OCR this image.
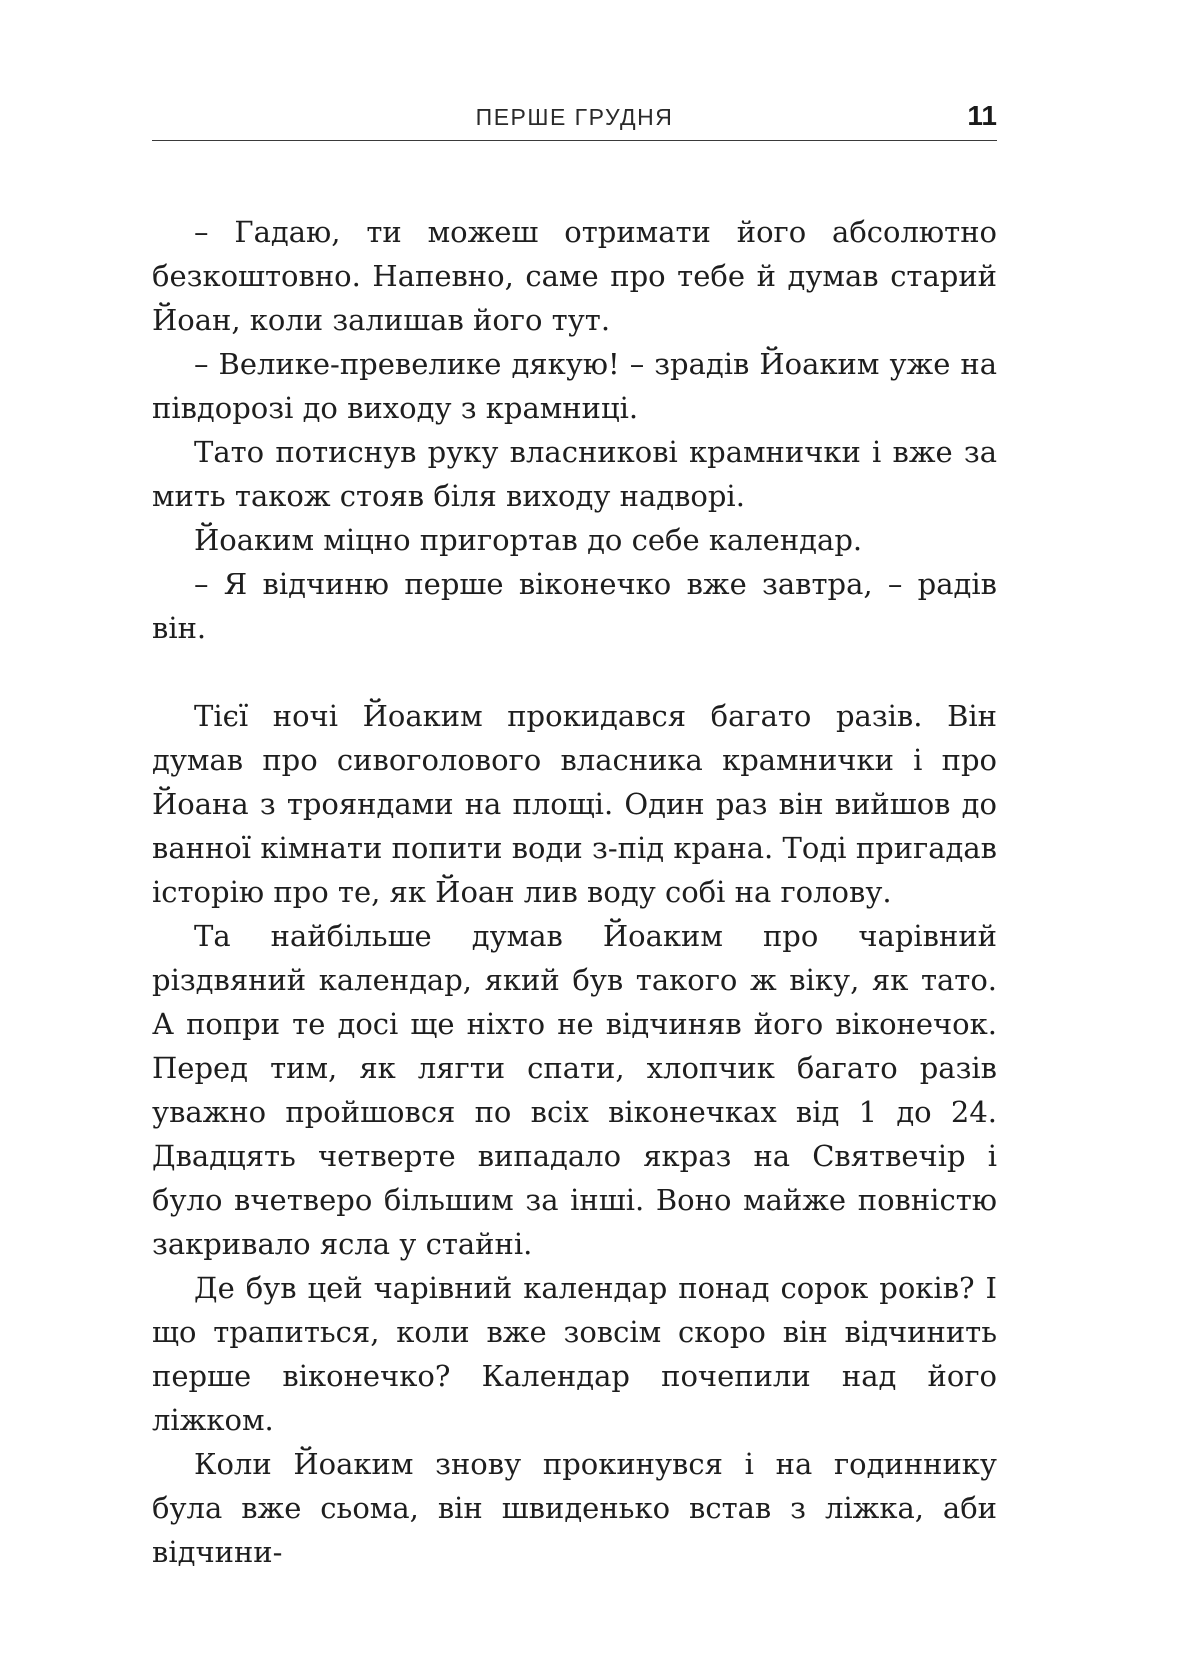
ПЕРШЕ ГРУДНЯ	11

– Гадаю, ти можеш отримати його абсолютно безкоштовно. Напевно, саме про тебе й думав старий Йоан, коли залишав його тут.

– Велике-превелике дякую! – зрадів Йоаким уже на півдорозі до виходу з крамниці.

Тато потиснув руку власникові крамнички і вже за мить також стояв біля виходу надворі.

Йоаким міцно пригортав до себе календар.

– Я відчиню перше віконечко вже завтра, – радів він.

Тієї ночі Йоаким прокидався багато разів. Він думав про сивоголового власника крамнички і про Йоана з трояндами на площі. Один раз він вийшов до ванної кімнати попити води з-під крана. Тоді пригадав історію про те, як Йоан лив воду собі на голову.

Та найбільше думав Йоаким про чарівний різдвяний календар, який був такого ж віку, як тато. А попри те досі ще ніхто не відчиняв його віконечок. Перед тим, як лягти спати, хлопчик багато разів уважно пройшовся по всіх віконечках від 1 до 24. Двадцять четверте випадало якраз на Святвечір і було вчетверо більшим за інші. Воно майже повністю закривало ясла у стайні.

Де був цей чарівний календар понад сорок років? І що трапиться, коли вже зовсім скоро він відчинить перше віконечко? Календар почепили над його ліжком.

Коли Йоаким знову прокинувся і на годиннику була вже сьома, він швиденько встав з ліжка, аби відчини-
